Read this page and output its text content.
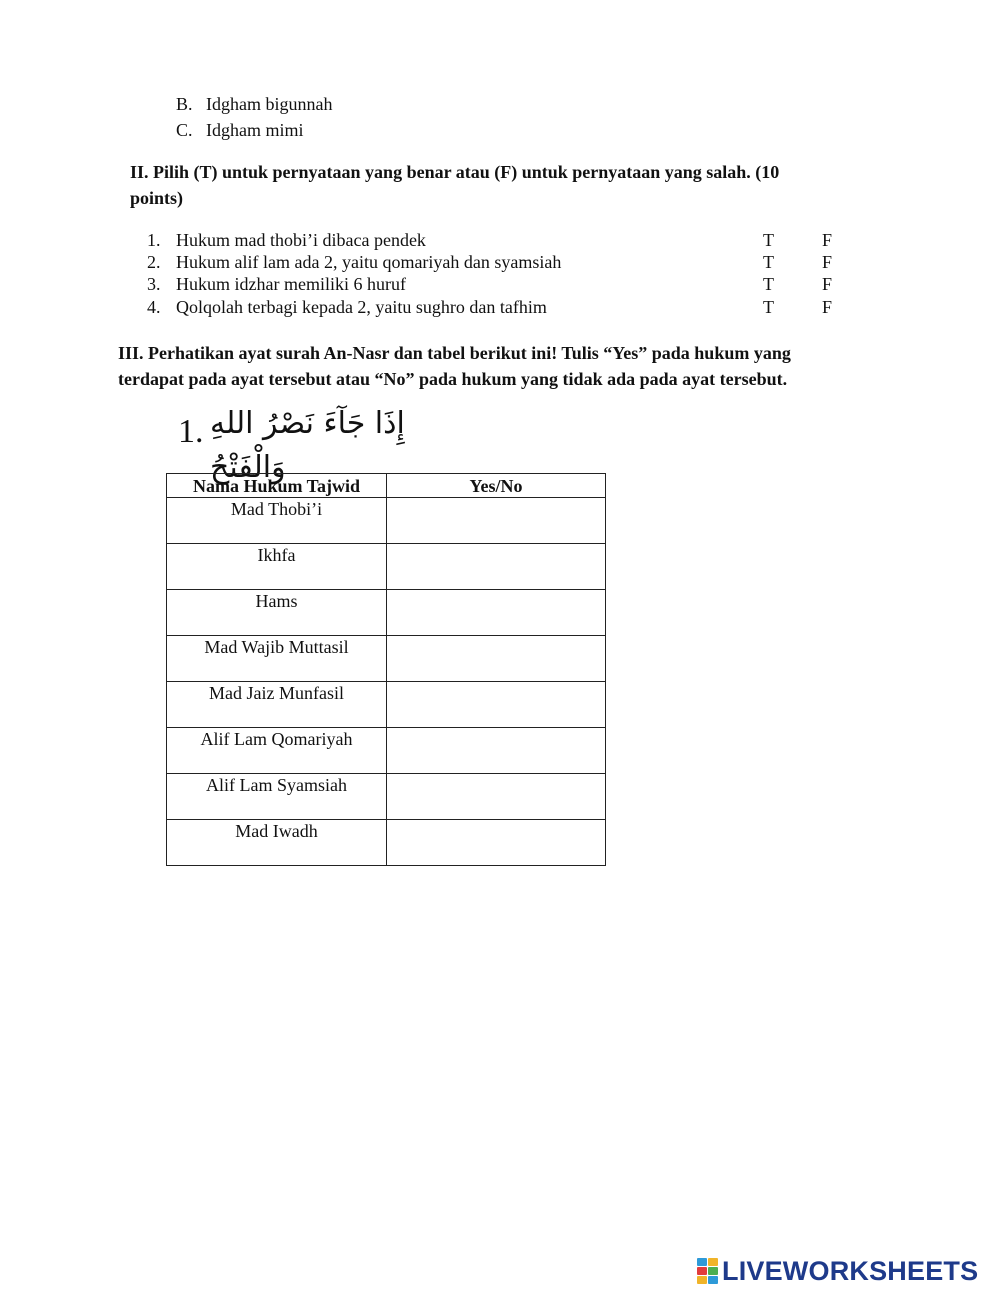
B. Idgham bigunnah
C. Idgham mimi
II. Pilih (T) untuk pernyataan yang benar atau (F) untuk pernyataan yang salah. (10
points)
1. Hukum mad thobi’i dibaca pendek	T	F
2. Hukum alif lam ada 2, yaitu qomariyah dan syamsiah	T	F
3. Hukum idzhar memiliki 6 huruf	T	F
4. Qolqolah terbagi kepada 2, yaitu sughro dan tafhim	T	F
III. Perhatikan ayat surah An-Nasr dan tabel berikut ini! Tulis “Yes” pada hukum yang
terdapat pada ayat tersebut atau “No” pada hukum yang tidak ada pada ayat tersebut.
1. إِذَا جَآءَ نَصْرُ اللهِ وَالْفَتْحُ
Nama Hukum Tajwid	Yes/No
Mad Thobi’i	
Ikhfa	
Hams	
Mad Wajib Muttasil	
Mad Jaiz Munfasil	
Alif Lam Qomariyah	
Alif Lam Syamsiah	
Mad Iwadh	
LIVEWORKSHEETS
